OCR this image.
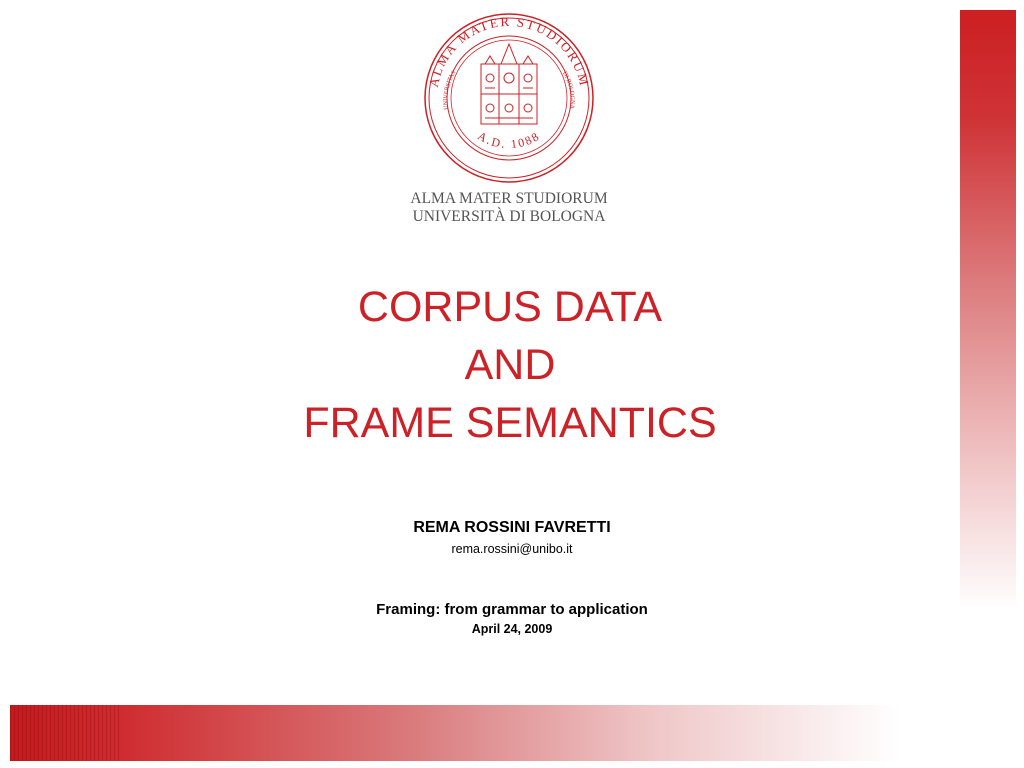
ALMA MATER STUDIORUM
A.D. 1088
UNIVERSITAS	DI BOLOGNA
ALMA MATER STUDIORUM
UNIVERSITÀ DI BOLOGNA
CORPUS DATA
AND
FRAME SEMANTICS
REMA ROSSINI FAVRETTI
rema.rossini@unibo.it
Framing: from grammar to application
April 24, 2009
